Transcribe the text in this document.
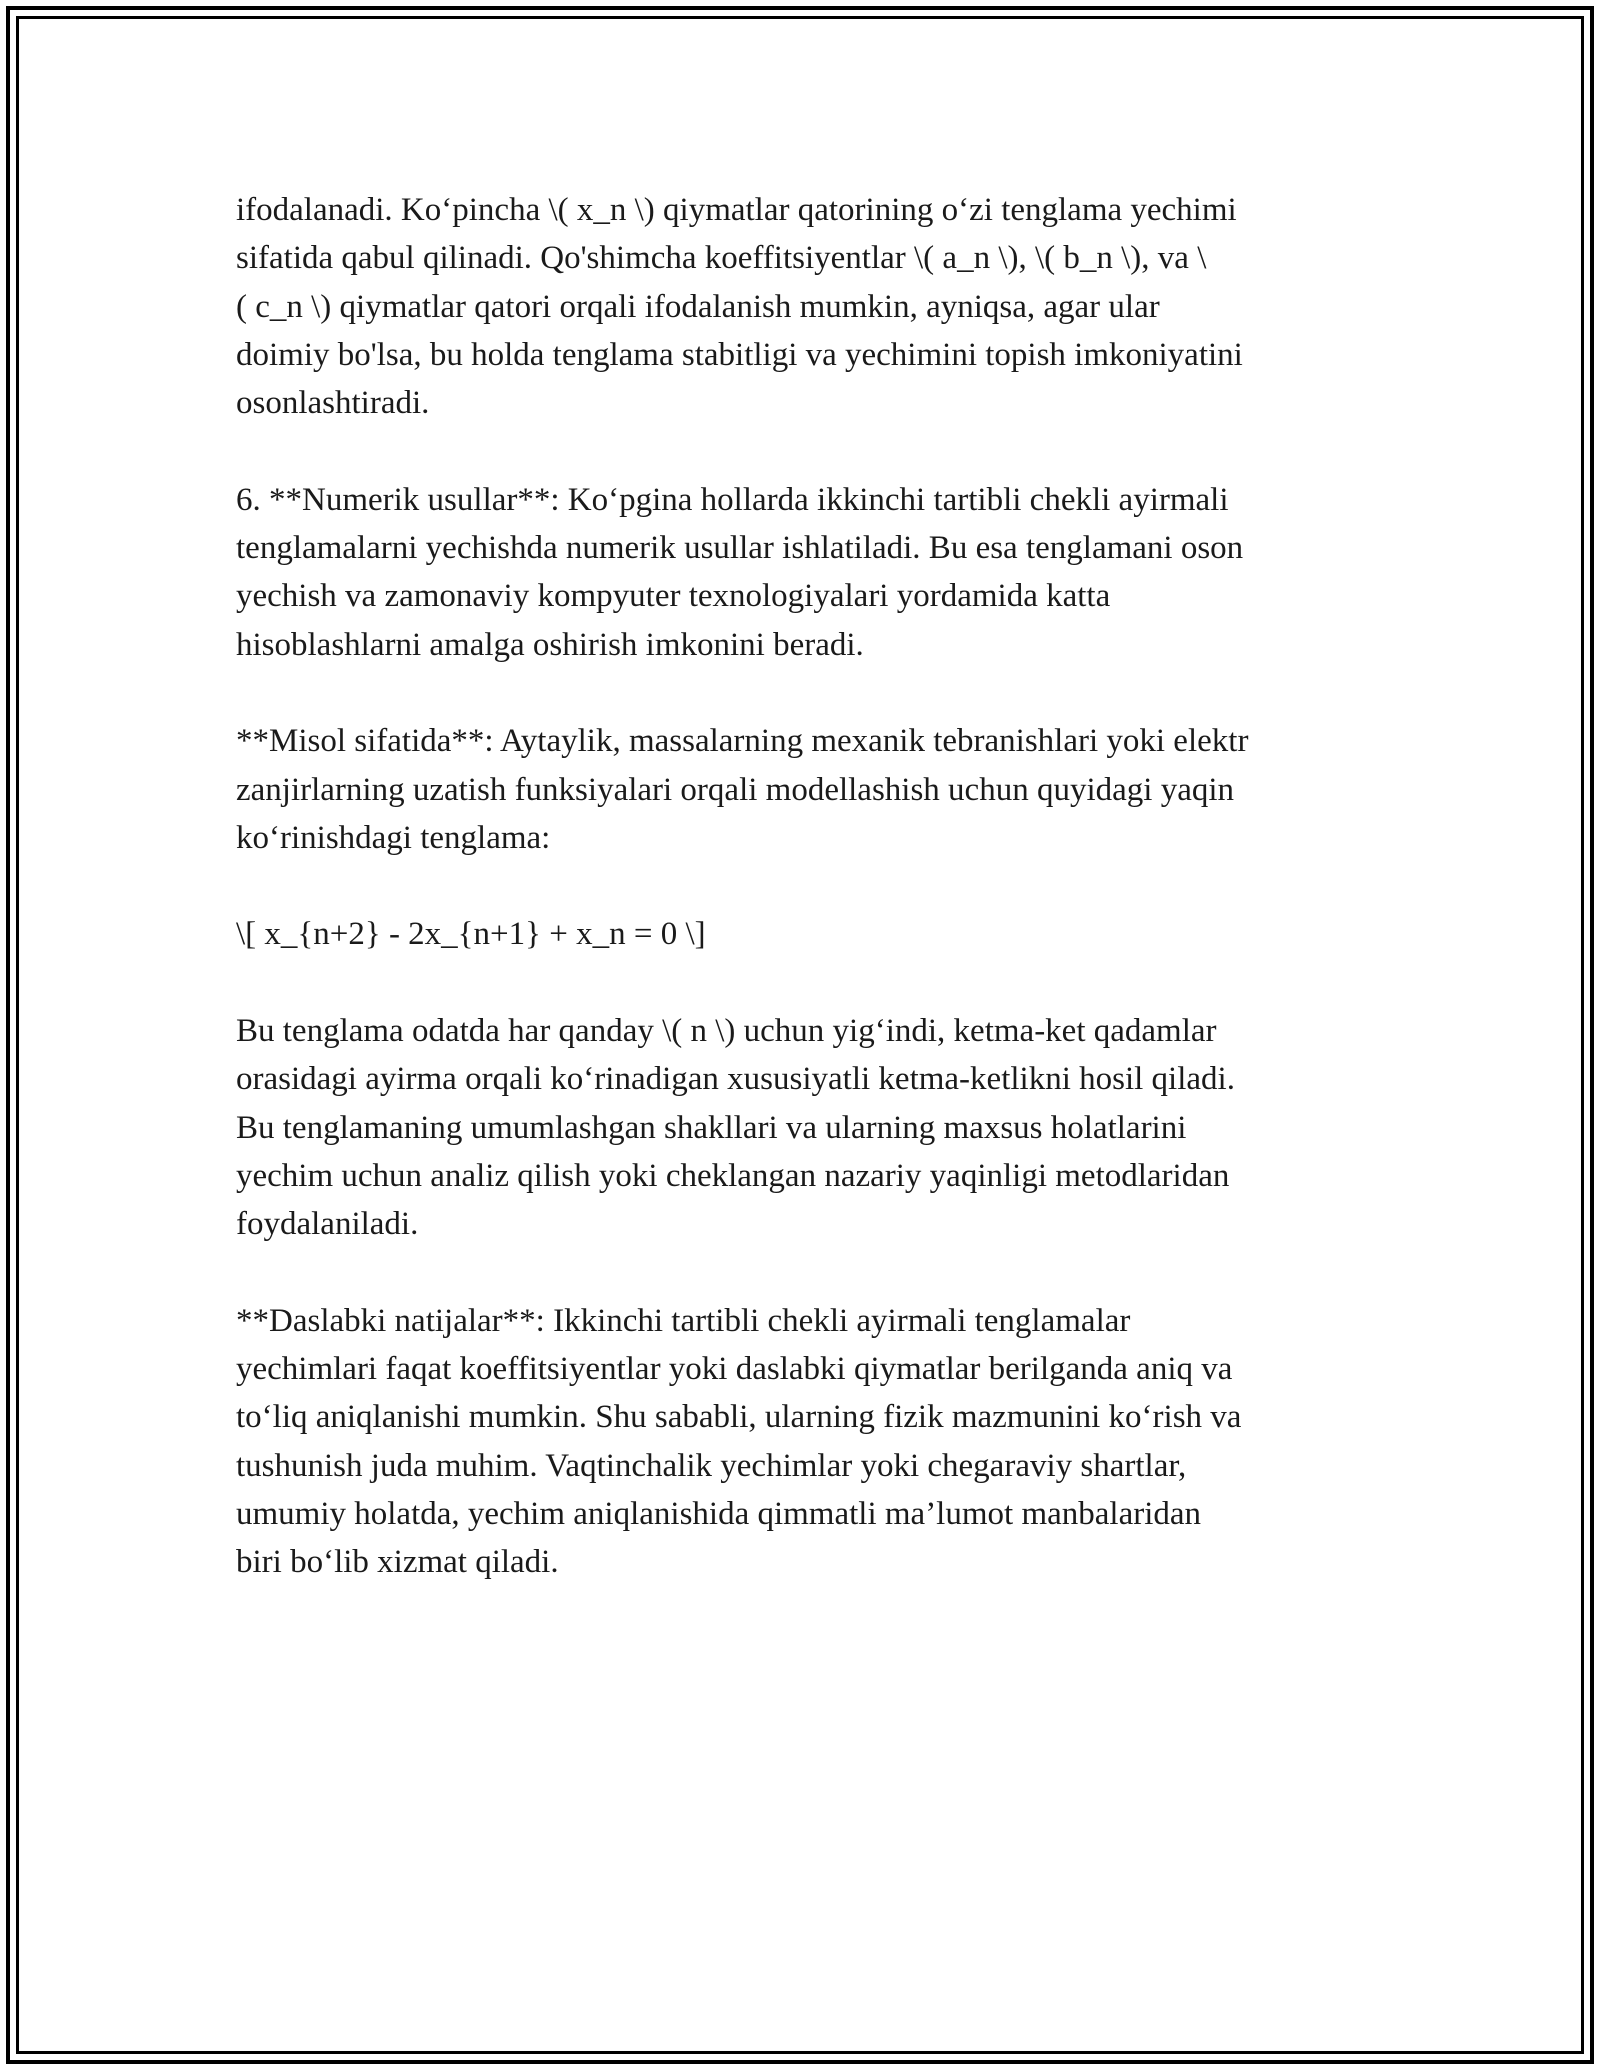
ifodalanadi. Ko‘pincha \( x_n \) qiymatlar qatorining o‘zi tenglama yechimi
sifatida qabul qilinadi. Qo'shimcha koeffitsiyentlar \( a_n \), \( b_n \), va \
( c_n \) qiymatlar qatori orqali ifodalanish mumkin, ayniqsa, agar ular
doimiy bo'lsa, bu holda tenglama stabitligi va yechimini topish imkoniyatini
osonlashtiradi.

6. **Numerik usullar**: Ko‘pgina hollarda ikkinchi tartibli chekli ayirmali
tenglamalarni yechishda numerik usullar ishlatiladi. Bu esa tenglamani oson
yechish va zamonaviy kompyuter texnologiyalari yordamida katta
hisoblashlarni amalga oshirish imkonini beradi.

**Misol sifatida**: Aytaylik, massalarning mexanik tebranishlari yoki elektr
zanjirlarning uzatish funksiyalari orqali modellashish uchun quyidagi yaqin
ko‘rinishdagi tenglama:

\[ x_{n+2} - 2x_{n+1} + x_n = 0 \]

Bu tenglama odatda har qanday \( n \) uchun yig‘indi, ketma-ket qadamlar
orasidagi ayirma orqali ko‘rinadigan xususiyatli ketma-ketlikni hosil qiladi.
Bu tenglamaning umumlashgan shakllari va ularning maxsus holatlarini
yechim uchun analiz qilish yoki cheklangan nazariy yaqinligi metodlaridan
foydalaniladi.

**Daslabki natijalar**: Ikkinchi tartibli chekli ayirmali tenglamalar
yechimlari faqat koeffitsiyentlar yoki daslabki qiymatlar berilganda aniq va
to‘liq aniqlanishi mumkin. Shu sababli, ularning fizik mazmunini ko‘rish va
tushunish juda muhim. Vaqtinchalik yechimlar yoki chegaraviy shartlar,
umumiy holatda, yechim aniqlanishida qimmatli ma’lumot manbalaridan
biri bo‘lib xizmat qiladi.
